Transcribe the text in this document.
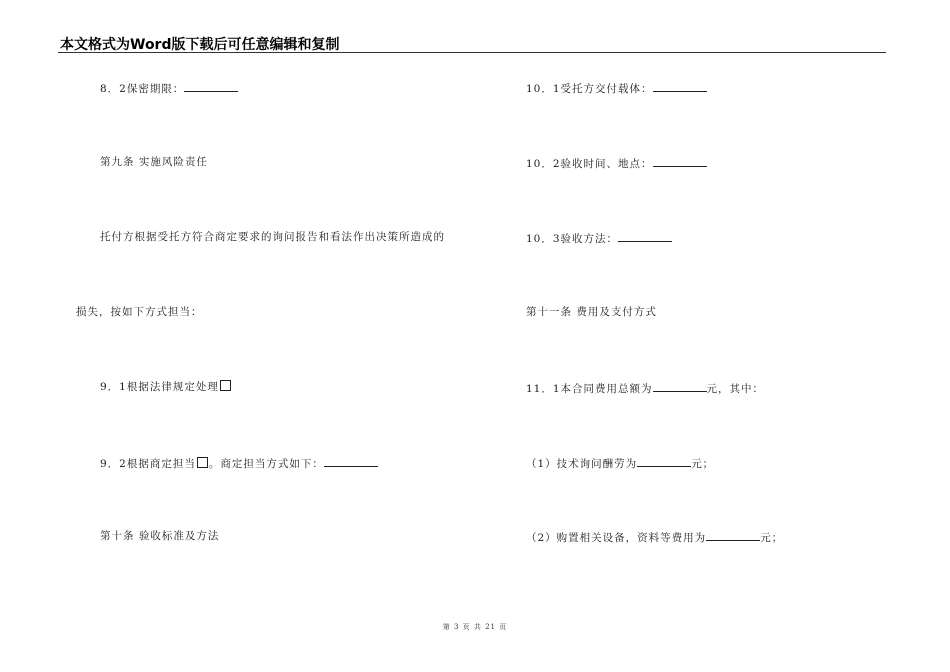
本文格式为Word版下载后可任意编辑和复制
8．2保密期限：
第九条 实施风险责任
托付方根据受托方符合商定要求的询问报告和看法作出决策所造成的
损失，按如下方式担当：
9．1根据法律规定处理
9．2根据商定担当 。商定担当方式如下：
第十条 验收标准及方法
10．1受托方交付载体：
10．2验收时间、地点：
10．3验收方法：
第十一条 费用及支付方式
11．1本合同费用总额为	元，其中：
（1）技术询问酬劳为	元；
（2）购置相关设备，资料等费用为	元；
第 3 页 共 21 页
